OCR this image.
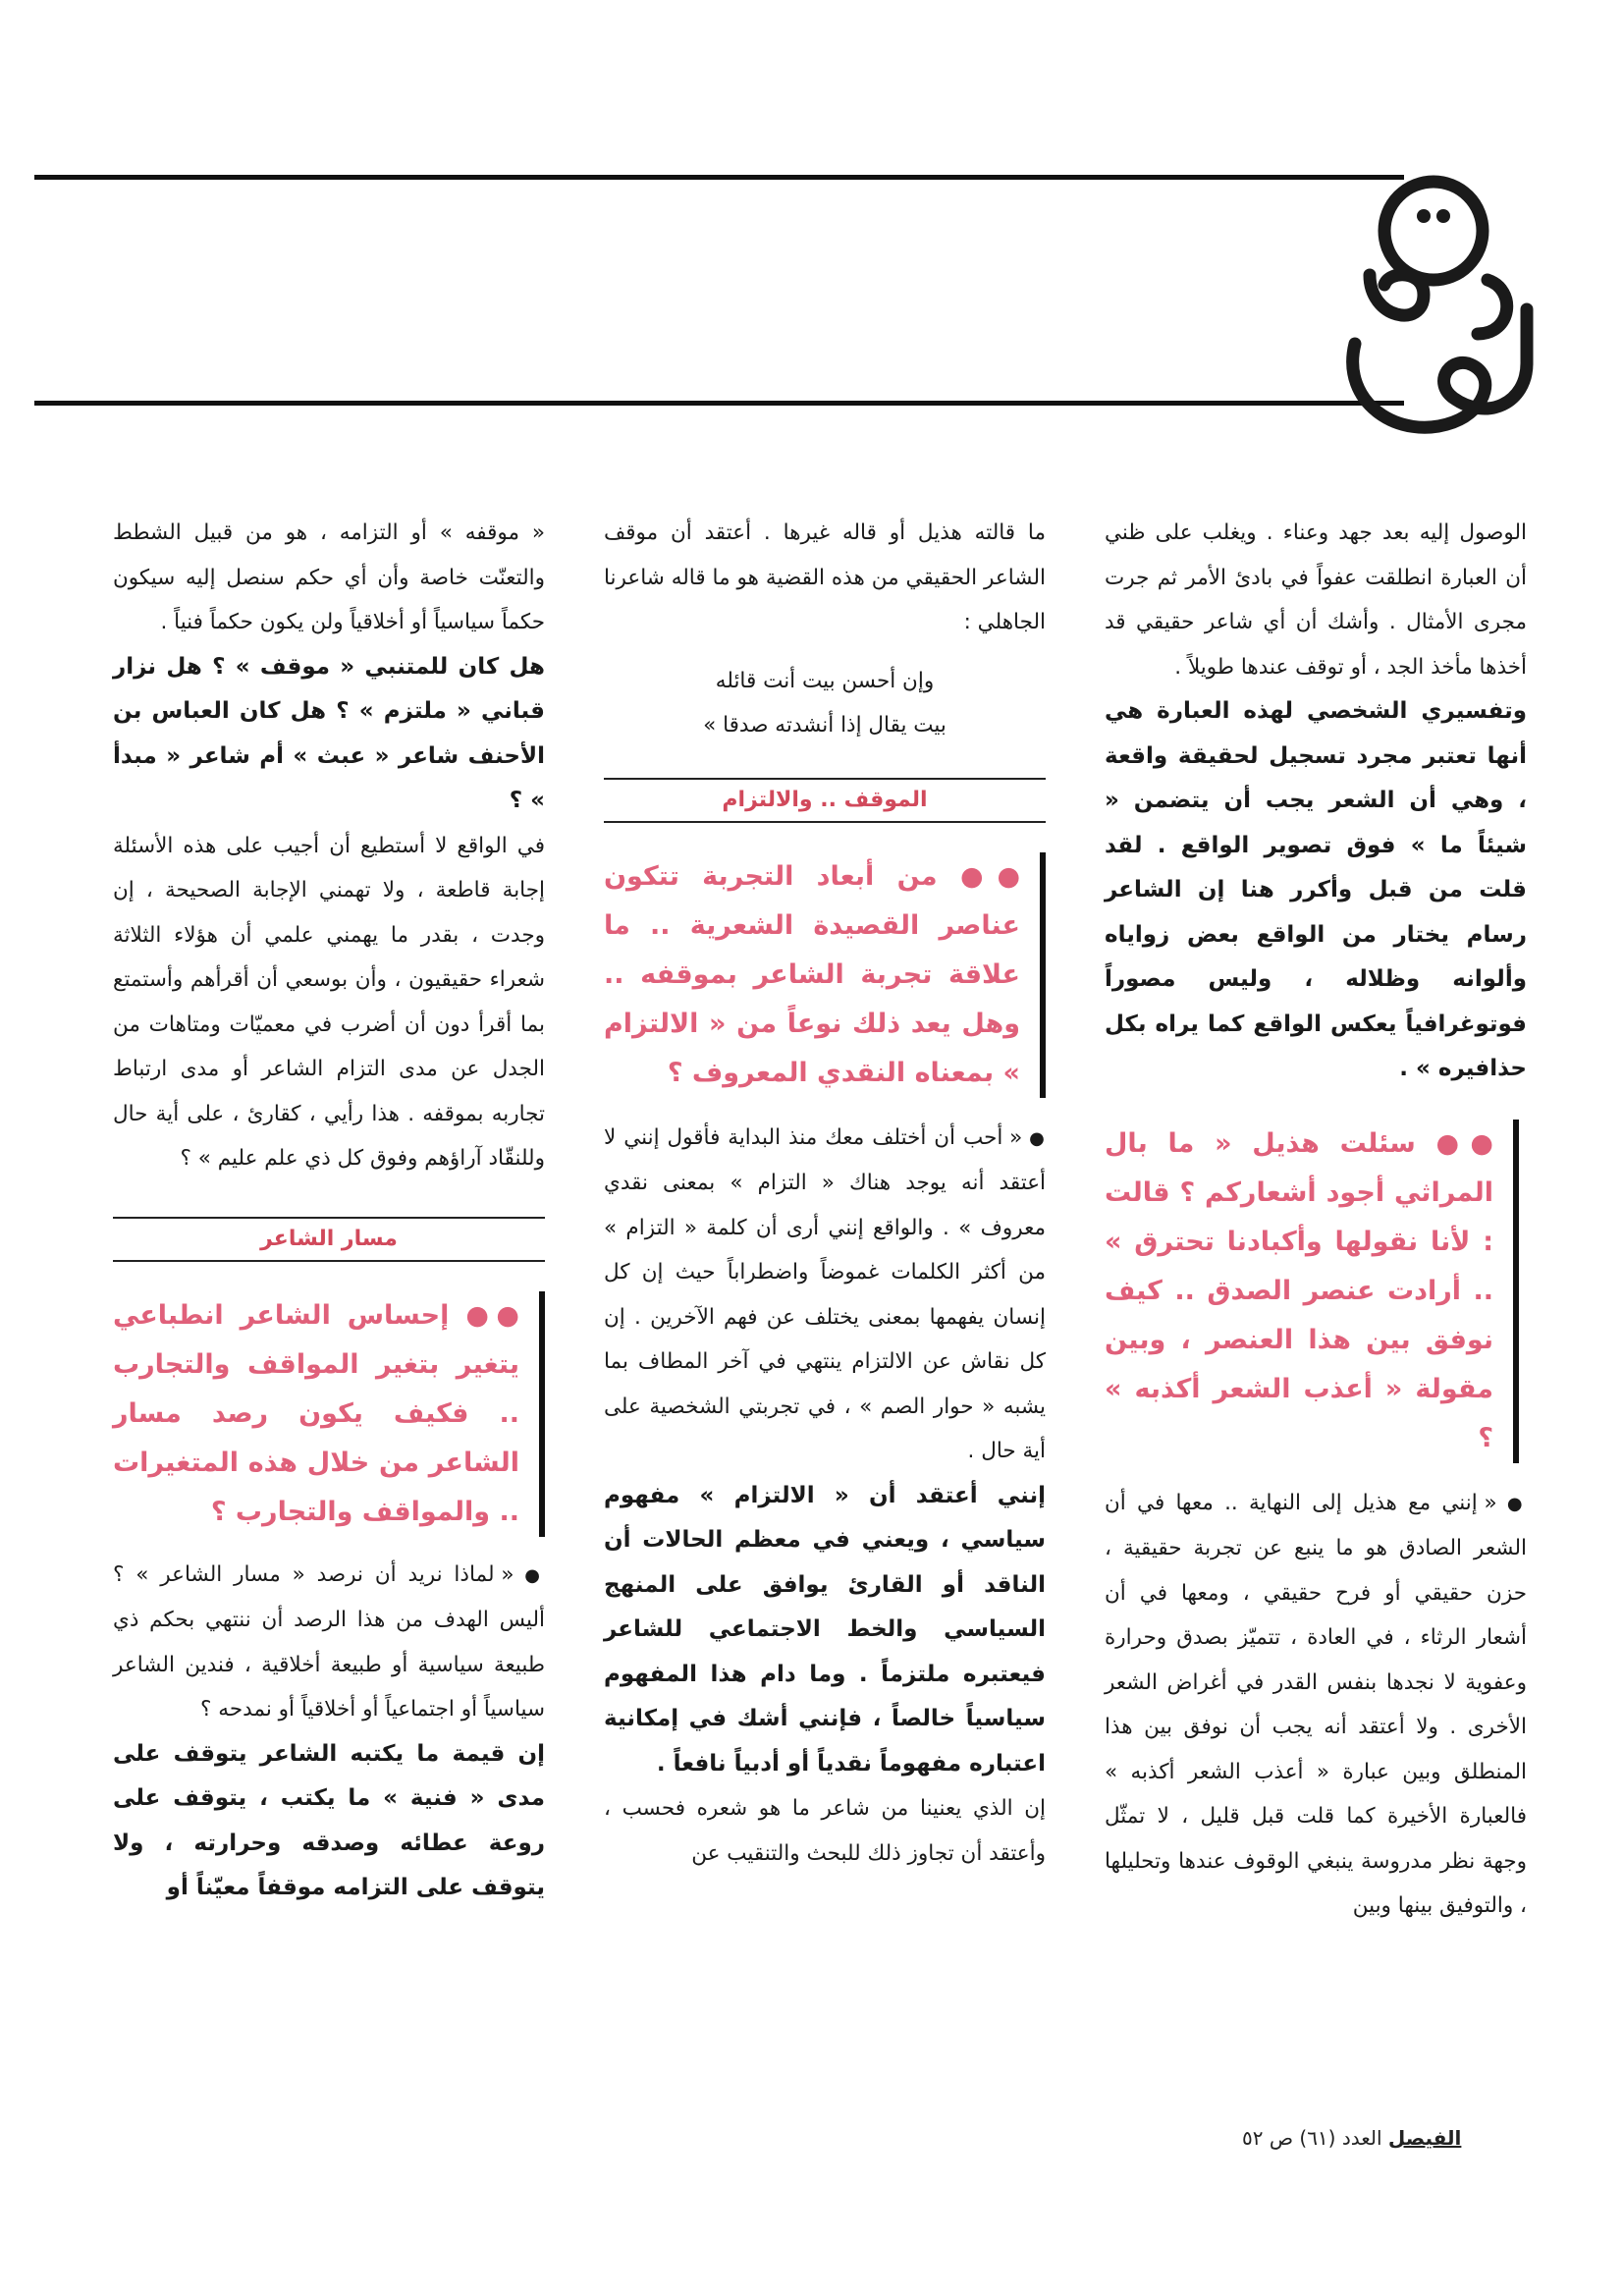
الوصول إليه بعد جهد وعناء . ويغلب على ظني أن العبارة انطلقت عفواً في بادئ الأمر ثم جرت مجرى الأمثال . وأشك أن أي شاعر حقيقي قد أخذها مأخذ الجد ، أو توقف عندها طويلاً .

وتفسيري الشخصي لهذه العبارة هي أنها تعتبر مجرد تسجيل لحقيقة واقعة ، وهي أن الشعر يجب أن يتضمن « شيئاً ما » فوق تصوير الواقع . لقد قلت من قبل وأكرر هنا إن الشاعر رسام يختار من الواقع بعض زواياه وألوانه وظلاله ، وليس مصوراً فوتوغرافياً يعكس الواقع كما يراه بكل حذافيره » .

●● سئلت هذيل « ما بال المراثي أجود أشعاركم ؟ قالت : لأنا نقولها وأكبادنا تحترق » .. أرادت عنصر الصدق .. كيف نوفق بين هذا العنصر ، وبين مقولة « أعذب الشعر أكذبه » ؟

● « إنني مع هذيل إلى النهاية .. معها في أن الشعر الصادق هو ما ينبع عن تجربة حقيقية ، حزن حقيقي أو فرح حقيقي ، ومعها في أن أشعار الرثاء ، في العادة ، تتميّز بصدق وحرارة وعفوية لا نجدها بنفس القدر في أغراض الشعر الأخرى . ولا أعتقد أنه يجب أن نوفق بين هذا المنطلق وبين عبارة « أعذب الشعر أكذبه » فالعبارة الأخيرة كما قلت قبل قليل ، لا تمثّل وجهة نظر مدروسة ينبغي الوقوف عندها وتحليلها ، والتوفيق بينها وبين

ما قالته هذيل أو قاله غيرها . أعتقد أن موقف الشاعر الحقيقي من هذه القضية هو ما قاله شاعرنا الجاهلي :

وإن أحسن بيت أنت قائله

بيت يقال إذا أنشدته صدقا »

الموقف .. والالتزام
●● من أبعاد التجربة تتكون عناصر القصيدة الشعرية .. ما علاقة تجربة الشاعر بموقفه .. وهل يعد ذلك نوعاً من « الالتزام » بمعناه النقدي المعروف ؟

● « أحب أن أختلف معك منذ البداية فأقول إنني لا أعتقد أنه يوجد هناك « التزام » بمعنى نقدي معروف » . والواقع إنني أرى أن كلمة « التزام » من أكثر الكلمات غموضاً واضطراباً حيث إن كل إنسان يفهمها بمعنى يختلف عن فهم الآخرين . إن كل نقاش عن الالتزام ينتهي في آخر المطاف بما يشبه « حوار الصم » ، في تجربتي الشخصية على أية حال .

إنني أعتقد أن « الالتزام » مفهوم سياسي ، ويعني في معظم الحالات أن الناقد أو القارئ يوافق على المنهج السياسي والخط الاجتماعي للشاعر فيعتبره ملتزماً . وما دام هذا المفهوم سياسياً خالصاً ، فإنني أشك في إمكانية اعتباره مفهوماً نقدياً أو أدبياً نافعاً .

إن الذي يعنينا من شاعر ما هو شعره فحسب ، وأعتقد أن تجاوز ذلك للبحث والتنقيب عن

« موقفه » أو التزامه ، هو من قبيل الشطط والتعنّت خاصة وأن أي حكم سنصل إليه سيكون حكماً سياسياً أو أخلاقياً ولن يكون حكماً فنياً .

هل كان للمتنبي « موقف » ؟ هل نزار قباني « ملتزم » ؟ هل كان العباس بن الأحنف شاعر « عبث » أم شاعر « مبدأ » ؟

في الواقع لا أستطيع أن أجيب على هذه الأسئلة إجابة قاطعة ، ولا تهمني الإجابة الصحيحة ، إن وجدت ، بقدر ما يهمني علمي أن هؤلاء الثلاثة شعراء حقيقيون ، وأن بوسعي أن أقرأهم وأستمتع بما أقرأ دون أن أضرب في معميّات ومتاهات من الجدل عن مدى التزام الشاعر أو مدى ارتباط تجاربه بموقفه . هذا رأيي ، كقارئ ، على أية حال وللنقّاد آراؤهم وفوق كل ذي علم عليم » ؟

مسار الشاعر
●● إحساس الشاعر انطباعي يتغير بتغير المواقف والتجارب .. فكيف يكون رصد مسار الشاعر من خلال هذه المتغيرات .. والمواقف والتجارب ؟

● « لماذا نريد أن نرصد « مسار الشاعر » ؟ أليس الهدف من هذا الرصد أن ننتهي بحكم ذي طبيعة سياسية أو طبيعة أخلاقية ، فندين الشاعر سياسياً أو اجتماعياً أو أخلاقياً أو نمدحه ؟

إن قيمة ما يكتبه الشاعر يتوقف على مدى « فنية » ما يكتب ، يتوقف على روعة عطائه وصدقه وحرارته ، ولا يتوقف على التزامه موقفاً معيّناً أو

الفيصل العدد (٦١) ص ٥٢
